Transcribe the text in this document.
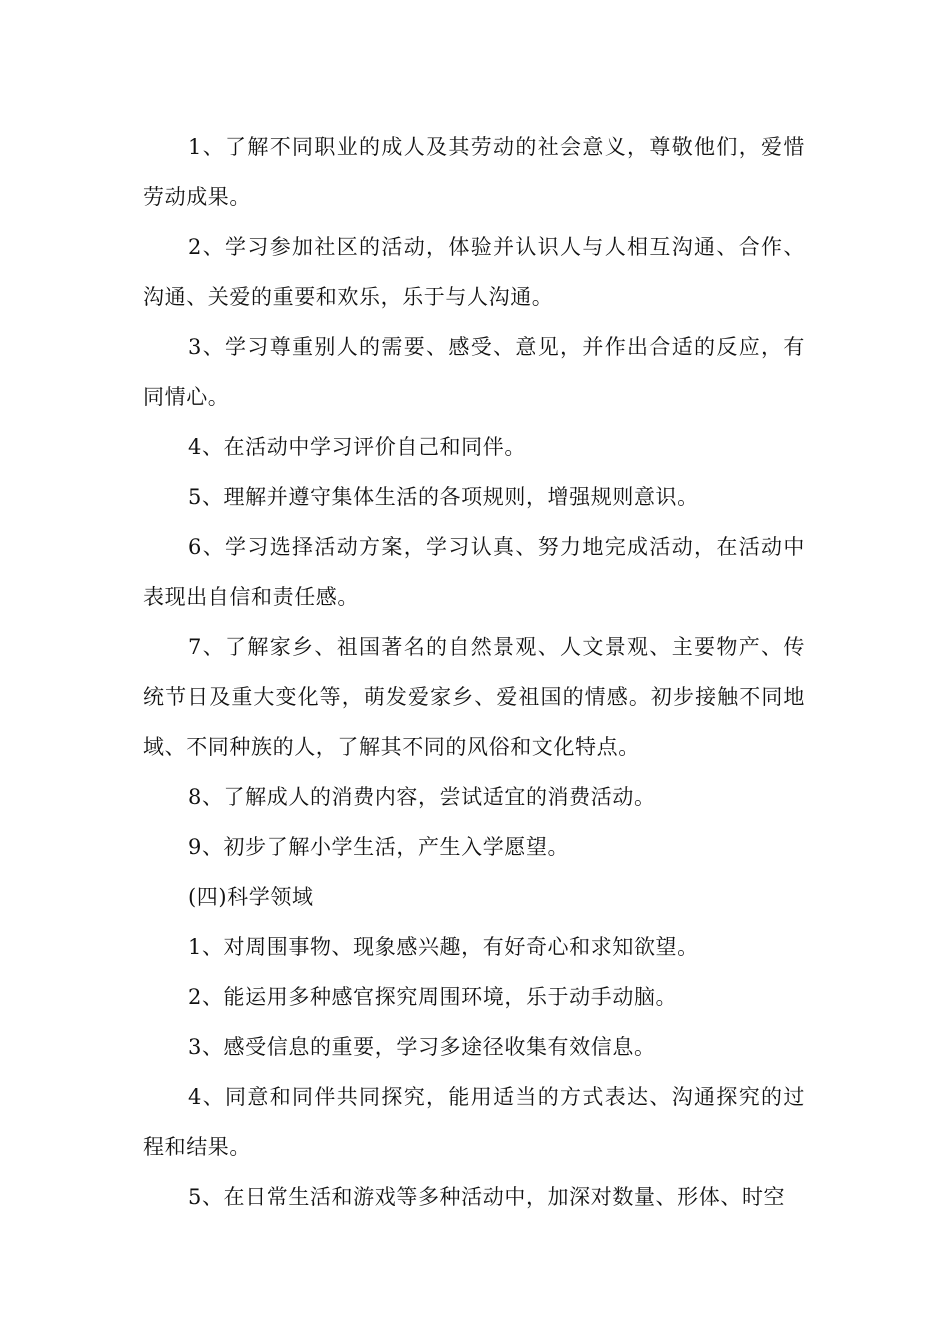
1、了解不同职业的成人及其劳动的社会意义，尊敬他们，爱惜劳动成果。

2、学习参加社区的活动，体验并认识人与人相互沟通、合作、沟通、关爱的重要和欢乐，乐于与人沟通。

3、学习尊重别人的需要、感受、意见，并作出合适的反应，有同情心。

4、在活动中学习评价自己和同伴。

5、理解并遵守集体生活的各项规则，增强规则意识。

6、学习选择活动方案，学习认真、努力地完成活动，在活动中表现出自信和责任感。

7、了解家乡、祖国著名的自然景观、人文景观、主要物产、传统节日及重大变化等，萌发爱家乡、爱祖国的情感。初步接触不同地域、不同种族的人，了解其不同的风俗和文化特点。

8、了解成人的消费内容，尝试适宜的消费活动。

9、初步了解小学生活，产生入学愿望。

(四)科学领域

1、对周围事物、现象感兴趣，有好奇心和求知欲望。

2、能运用多种感官探究周围环境，乐于动手动脑。

3、感受信息的重要，学习多途径收集有效信息。

4、同意和同伴共同探究，能用适当的方式表达、沟通探究的过程和结果。

5、在日常生活和游戏等多种活动中，加深对数量、形体、时空
